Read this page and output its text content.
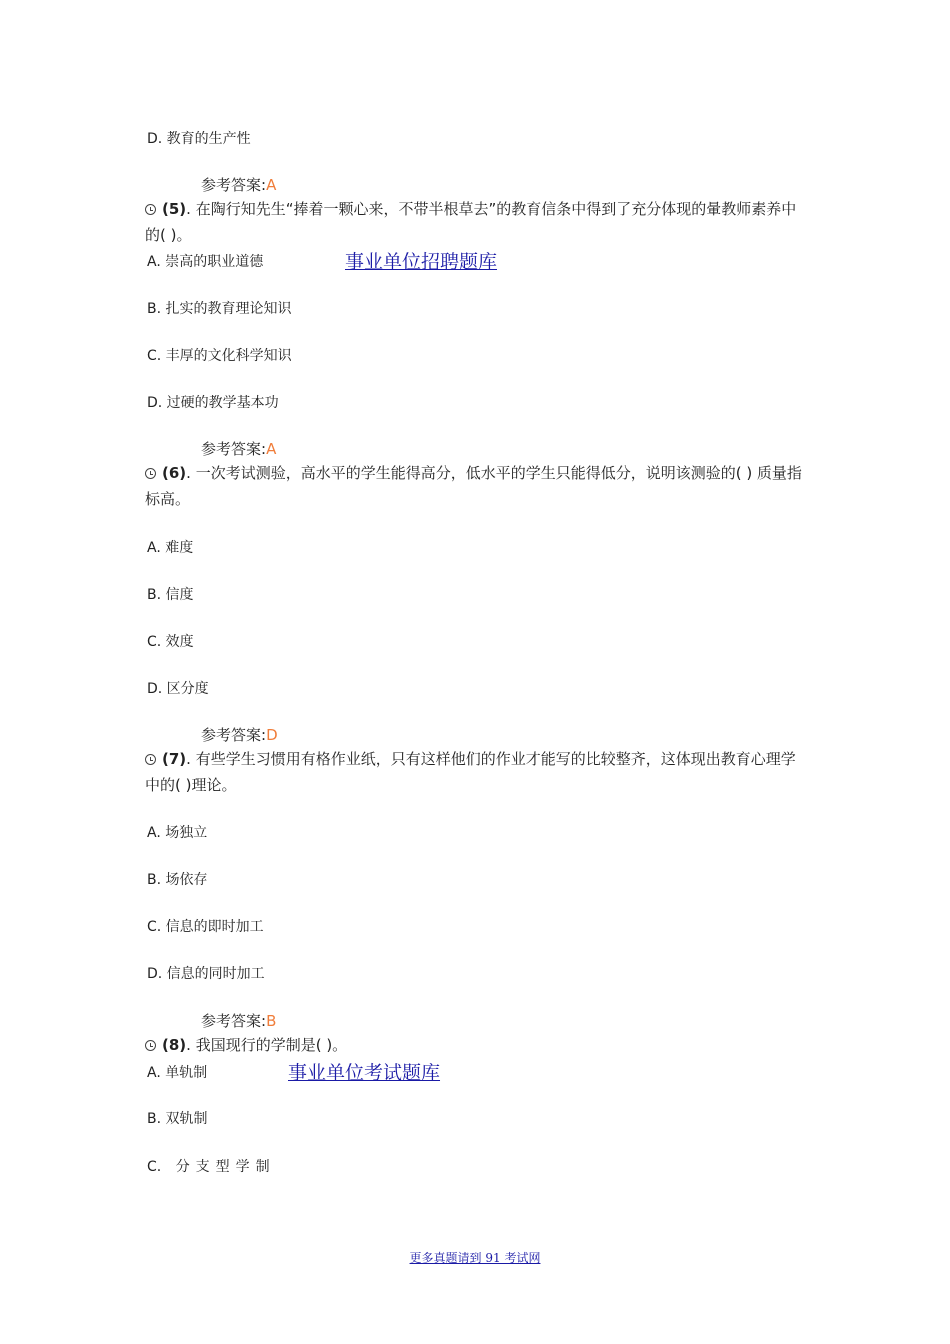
D. 教育的生产性
参考答案:A
(5). 在陶行知先生“捧着一颗心来，不带半根草去”的教育信条中得到了充分体现的暈教师素养中的( )。
A. 崇高的职业道德	事业单位招聘题库
B. 扎实的教育理论知识
C. 丰厚的文化科学知识
D. 过硬的教学基本功
参考答案:A
(6). 一次考试测验，高水平的学生能得高分，低水平的学生只能得低分，说明该测验的( ) 质量指标高。
A. 难度
B. 信度
C. 效度
D. 区分度
参考答案:D
(7). 有些学生习惯用有格作业纸，只有这样他们的作业才能写的比较整齐，这体现出教育心理学中的( )理论。
A. 场独立
B. 场依存
C. 信息的即时加工
D. 信息的同时加工
参考答案:B
(8). 我国现行的学制是( )。
A. 单轨制	事业单位考试题库
B. 双轨制
C. 分支型学制
更多真题请到 91 考试网
